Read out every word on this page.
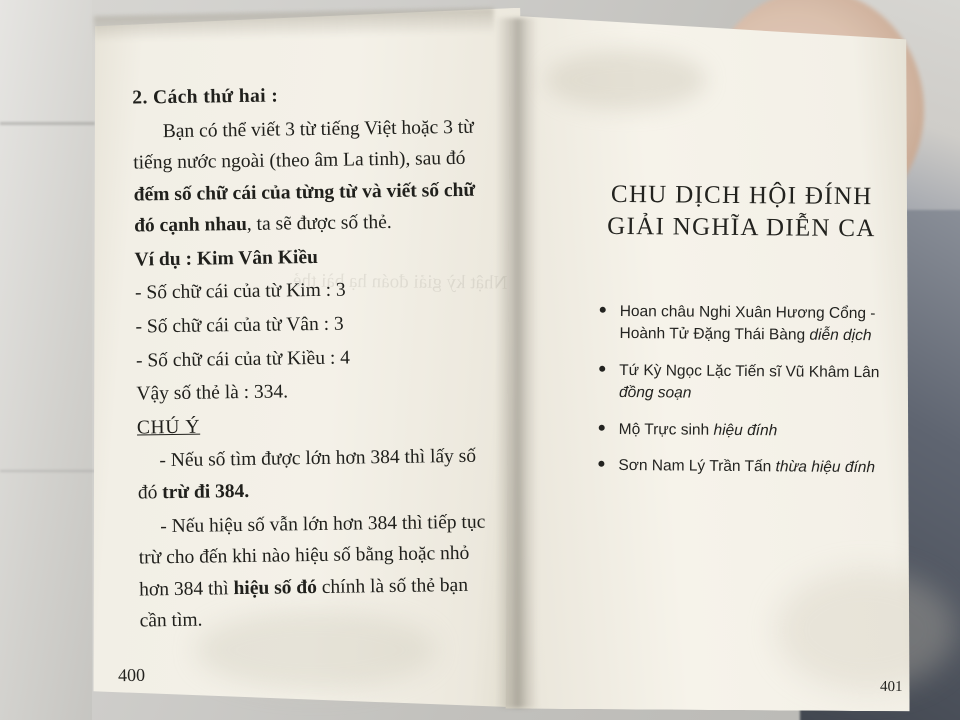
2. Cách thứ hai :

Bạn có thể viết 3 từ tiếng Việt hoặc 3 từ tiếng nước ngoài (theo âm La tinh), sau đó đếm số chữ cái của từng từ và viết số chữ đó cạnh nhau, ta sẽ được số thẻ.

Ví dụ : Kim Vân Kiều

- Số chữ cái của từ Kim : 3

- Số chữ cái của từ Vân : 3

- Số chữ cái của từ Kiều : 4

Vậy số thẻ là : 334.

CHÚ Ý

- Nếu số tìm được lớn hơn 384 thì lấy số đó trừ đi 384.

- Nếu hiệu số vẫn lớn hơn 384 thì tiếp tục trừ cho đến khi nào hiệu số bằng hoặc nhỏ hơn 384 thì hiệu số đó chính là số thẻ bạn cần tìm.

400
CHU DỊCH HỘI ĐÍNH
GIẢI NGHĨA DIỄN CA
Hoan châu Nghi Xuân Hương Cổng - Hoành Tử Đặng Thái Bàng diễn dịch
Tứ Kỳ Ngọc Lặc Tiến sĩ Vũ Khâm Lân đồng soạn
Mộ Trực sinh hiệu đính
Sơn Nam Lý Trần Tấn thừa hiệu đính
401
